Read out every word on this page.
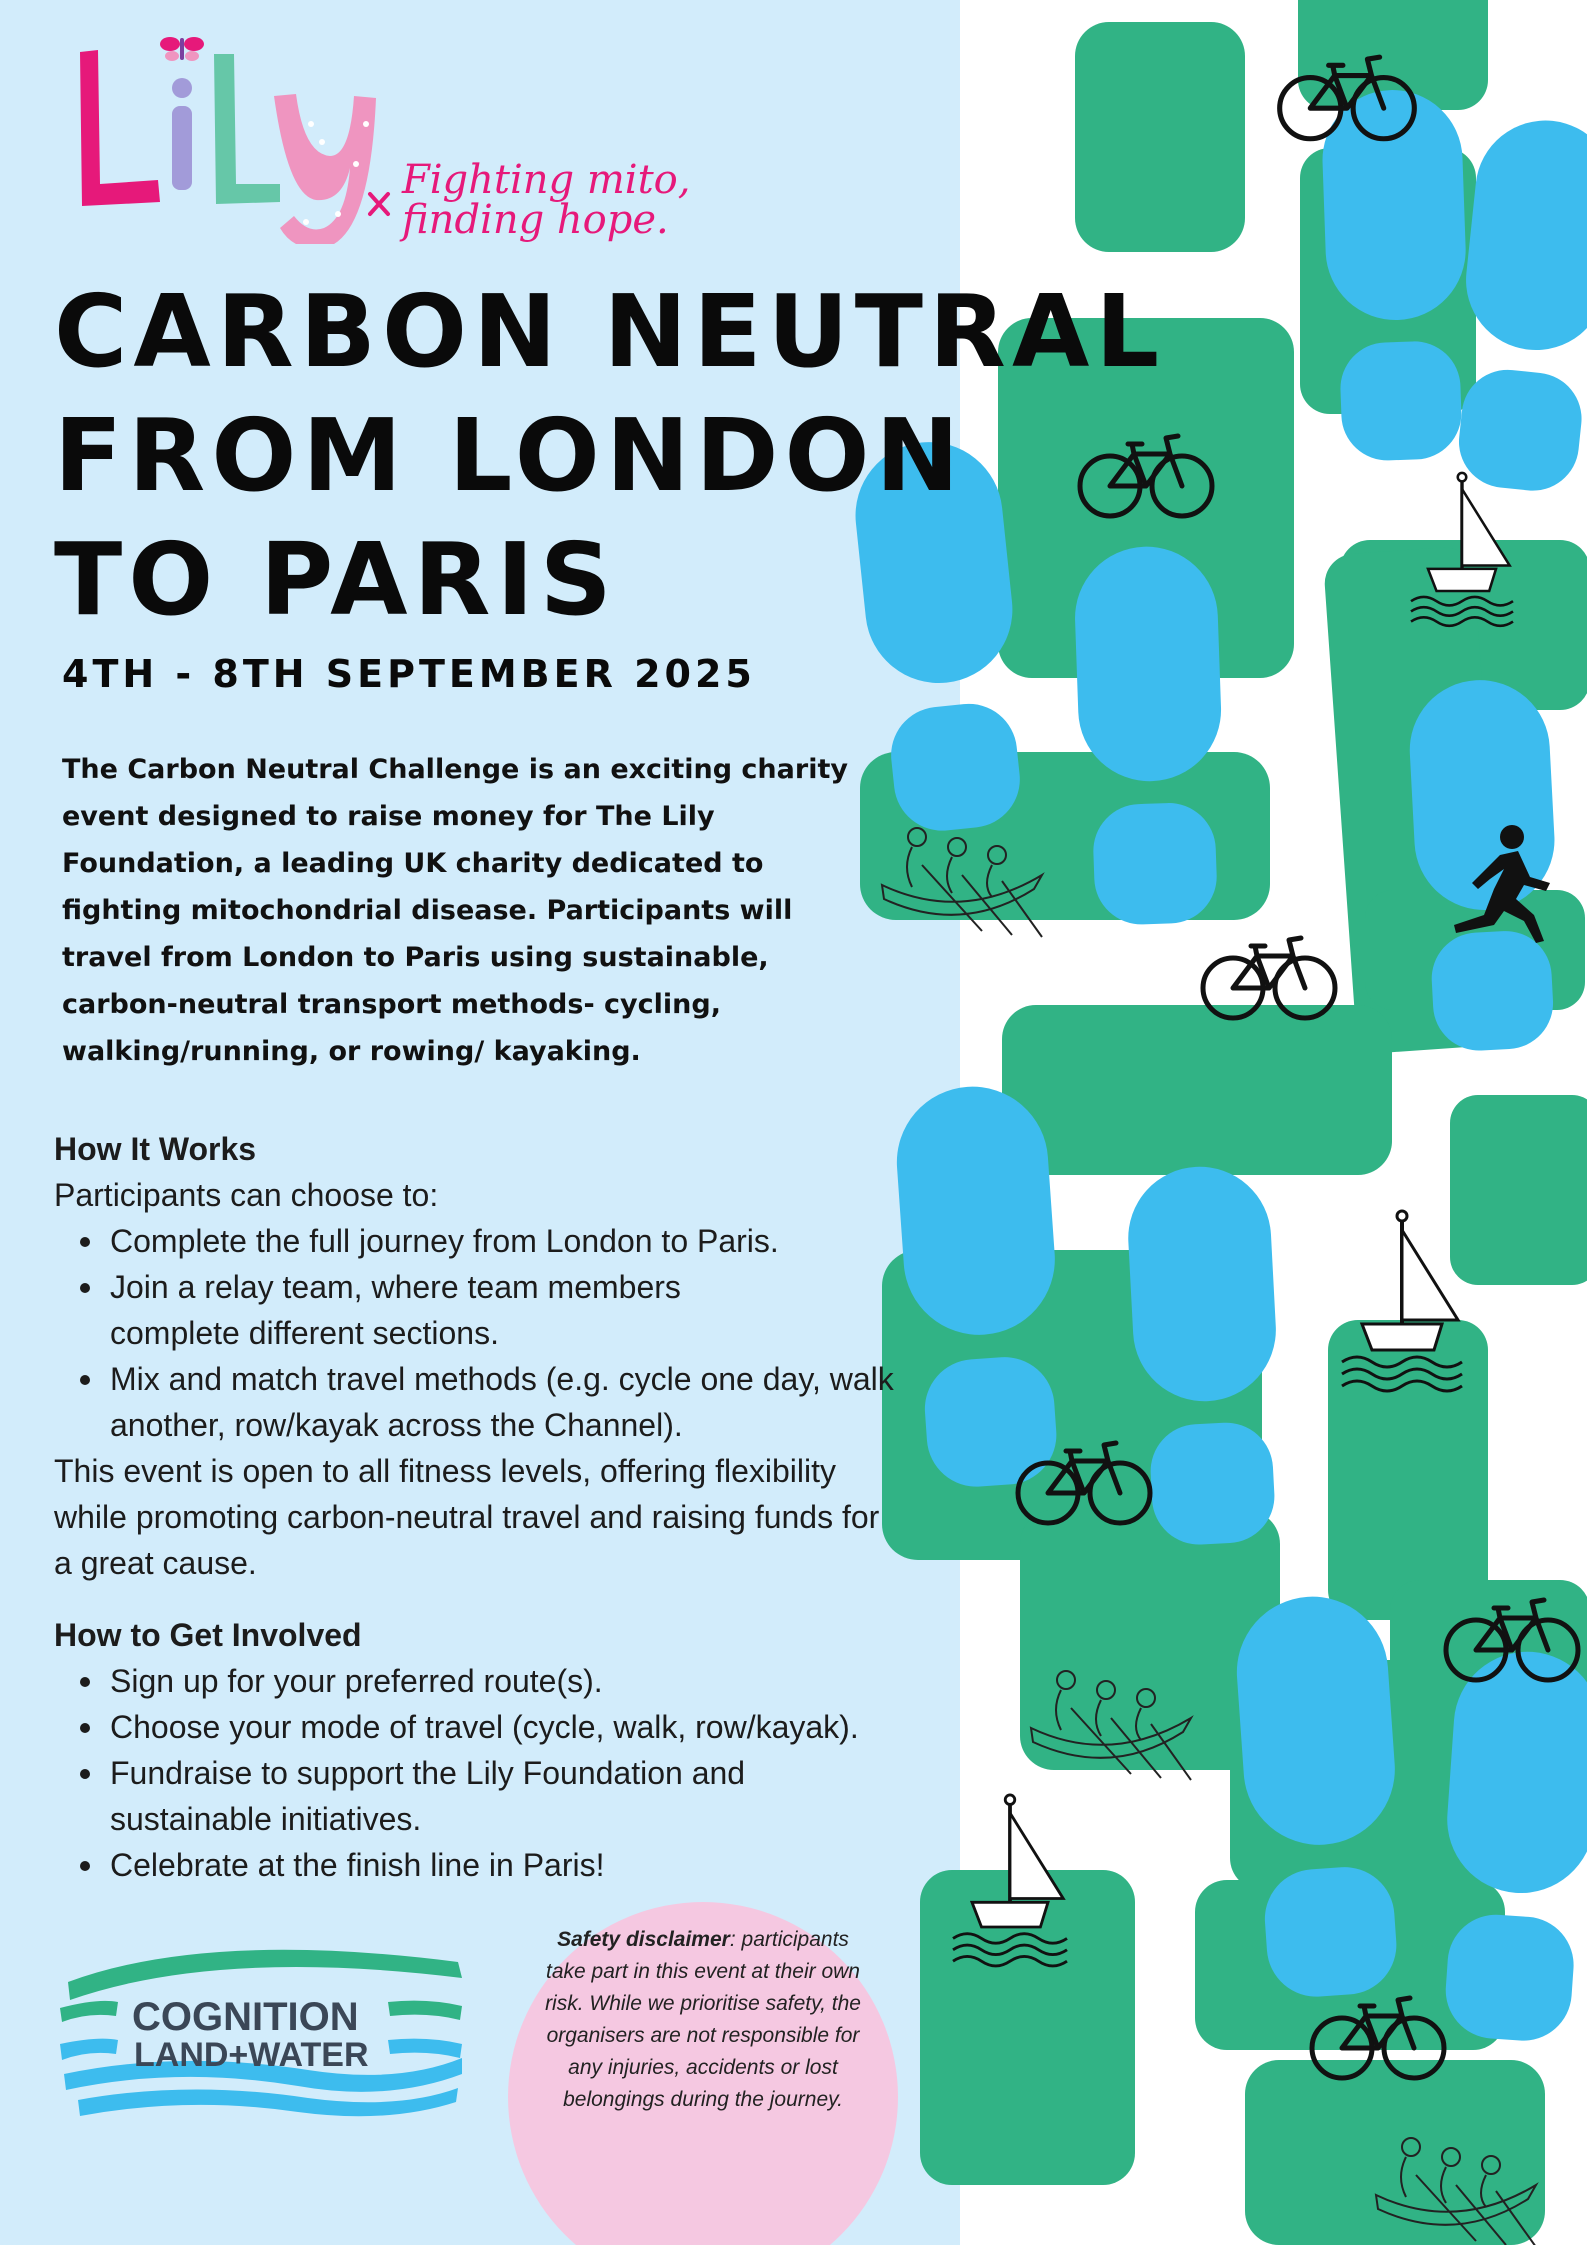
Fighting mito,
finding hope.
CARBON NEUTRAL
FROM LONDON
TO PARIS
4TH - 8TH SEPTEMBER 2025
The Carbon Neutral Challenge is an exciting charity event designed to raise money for The Lily Foundation, a leading UK charity dedicated to fighting mitochondrial disease. Participants will travel from London to Paris using sustainable, carbon-neutral transport methods- cycling, walking/running, or rowing/ kayaking.
How It Works

Participants can choose to:

Complete the full journey from London to Paris.
Join a relay team, where team members complete different sections.
Mix and match travel methods (e.g. cycle one day, walk another, row/kayak across the Channel).

This event is open to all fitness levels, offering flexibility while promoting carbon-neutral travel and raising funds for a great cause.

How to Get Involved
Sign up for your preferred route(s).
Choose your mode of travel (cycle, walk, row/kayak).
Fundraise to support the Lily Foundation and sustainable initiatives.
Celebrate at the finish line in Paris!
COGNITION
LAND+WATER
Safety disclaimer: participants take part in this event at their own risk. While we prioritise safety, the organisers are not responsible for any injuries, accidents or lost belongings during the journey.
